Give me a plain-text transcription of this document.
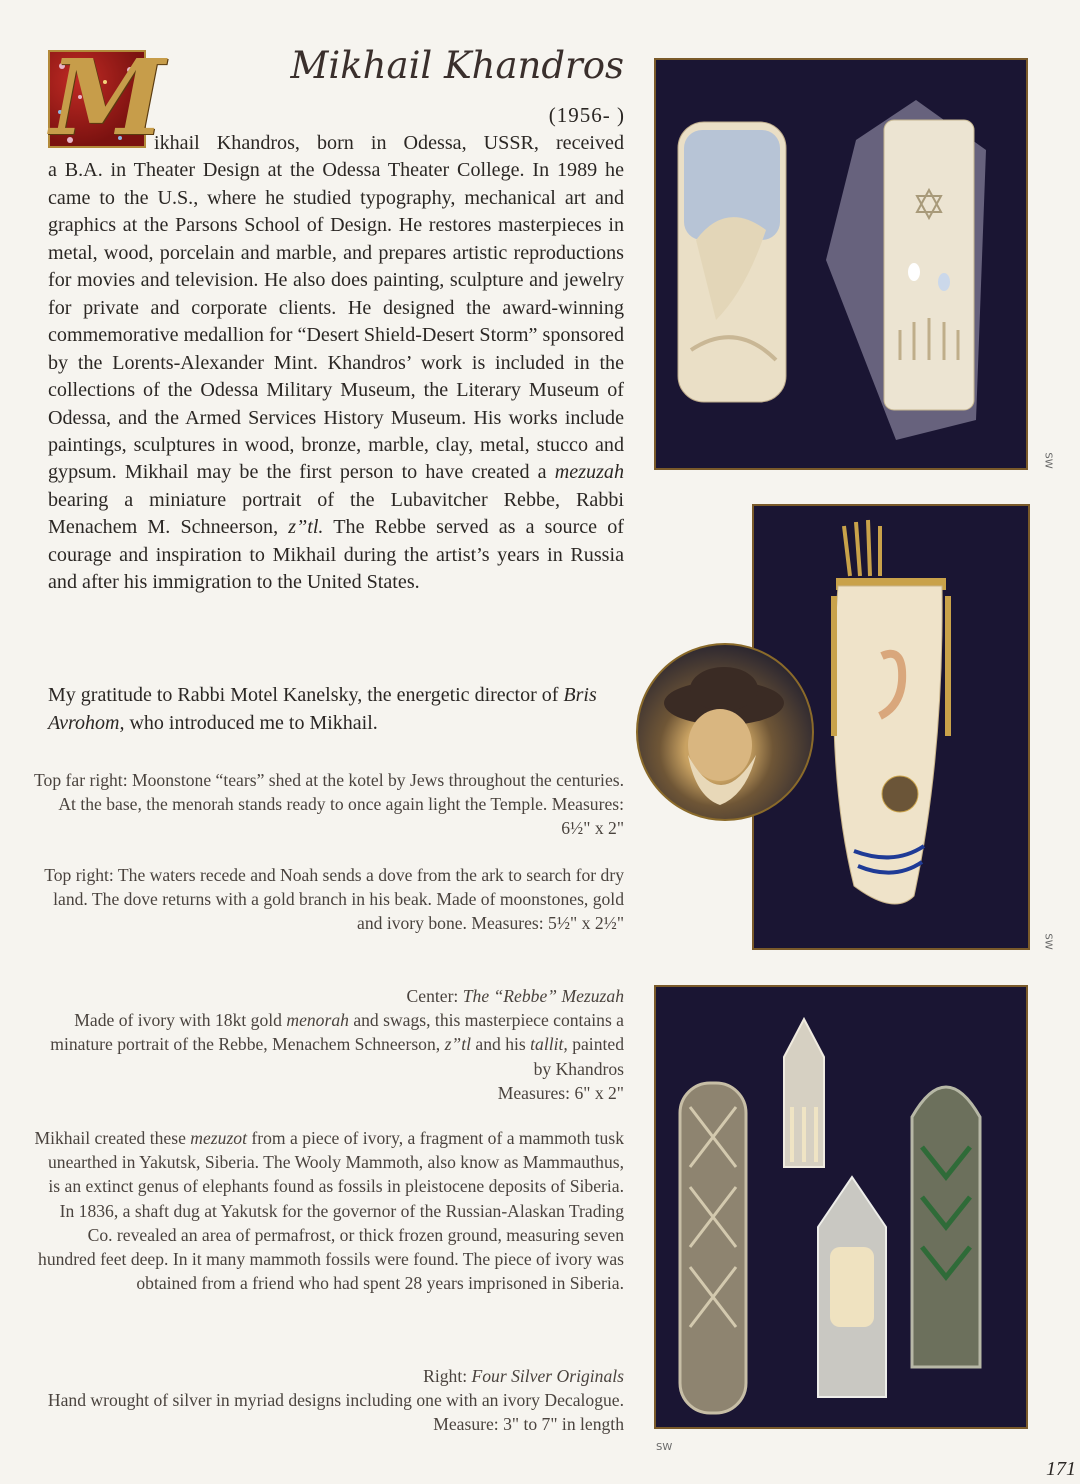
M	Mikhail Khandros
(1956- )
ikhail Khandros, born in Odessa, USSR, received
a B.A. in Theater Design at the Odessa Theater College. In 1989 he came to the U.S., where he studied typography, mechanical art and graphics at the Parsons School of Design. He restores masterpieces in metal, wood, porcelain and marble, and prepares artistic reproductions for movies and television. He also does painting, sculpture and jewelry for private and corporate clients. He designed the award-winning commemorative medallion for “Desert Shield-Desert Storm” sponsored by the Lorents-Alexander Mint. Khandros’ work is included in the collections of the Odessa Military Museum, the Literary Museum of Odessa, and the Armed Services History Museum. His works include paintings, sculptures in wood, bronze, marble, clay, metal, stucco and gypsum. Mikhail may be the first person to have created a mezuzah bearing a miniature portrait of the Lubavitcher Rebbe, Rabbi Menachem M. Schneerson, z”tl. The Rebbe served as a source of courage and inspiration to Mikhail during the artist’s years in Russia and after his immigration to the United States.
My gratitude to Rabbi Motel Kanelsky, the energetic director of Bris Avrohom, who introduced me to Mikhail.
Top far right: Moonstone “tears” shed at the kotel by Jews throughout the centuries. At the base, the menorah stands ready to once again light the Temple. Measures: 6½" x 2"
Top right: The waters recede and Noah sends a dove from the ark to search for dry land. The dove returns with a gold branch in his beak. Made of moonstones, gold and ivory bone. Measures: 5½" x 2½"
Center: The “Rebbe” Mezuzah
Made of ivory with 18kt gold menorah and swags, this masterpiece contains a minature portrait of the Rebbe, Menachem Schneerson, z”tl and his tallit, painted by Khandros
Measures: 6" x 2"
Mikhail created these mezuzot from a piece of ivory, a fragment of a mammoth tusk unearthed in Yakutsk, Siberia. The Wooly Mammoth, also know as Mammauthus, is an extinct genus of elephants found as fossils in pleistocene deposits of Siberia. In 1836, a shaft dug at Yakutsk for the governor of the Russian-Alaskan Trading Co. revealed an area of permafrost, or thick frozen ground, measuring seven hundred feet deep. In it many mammoth fossils were found. The piece of ivory was obtained from a friend who had spent 28 years imprisoned in Siberia.
Right: Four Silver Originals
Hand wrought of silver in myriad designs including one with an ivory Decalogue. Measure: 3" to 7" in length
SW
SW
SW
171
